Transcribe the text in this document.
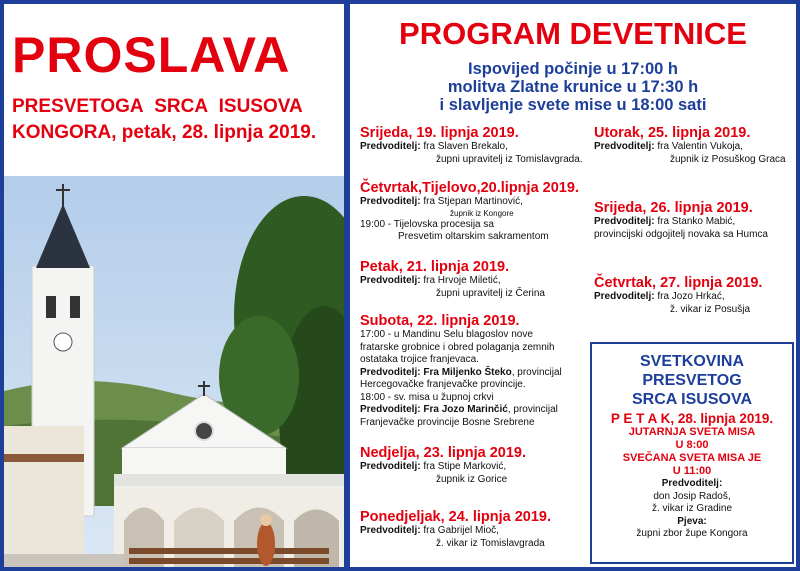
PROSLAVA
PRESVETOGA SRCA ISUSOVA
KONGORA, petak, 28. lipnja 2019.
PROGRAM DEVETNICE
Ispovijed počinje u 17:00 h
molitva Zlatne krunice u 17:30 h
i slavljenje svete mise u 18:00 sati
Srijeda, 19. lipnja 2019.
Predvoditelj: fra Slaven Brekalo,
župni upravitelj iz Tomislavgrada.
Četvrtak,Tijelovo,20.lipnja 2019.
Predvoditelj: fra Stjepan Martinović,
župnik iz Kongore
19:00 - Tijelovska procesija sa
Presvetim oltarskim sakramentom
Petak, 21. lipnja 2019.
Predvoditelj: fra Hrvoje Miletić,
župni upravitelj iz Čerina
Subota, 22. lipnja 2019.
17:00 - u Mandinu Selu blagoslov nove
fratarske grobnice i obred polaganja zemnih
ostataka trojice franjevaca.
Predvoditelj: Fra Miljenko Šteko, provincijal
Hercegovačke franjevačke provincije.
18:00 - sv. misa u župnoj crkvi
Predvoditelj: Fra Jozo Marinčić, provincijal
Franjevačke provincije Bosne Srebrene
Nedjelja, 23. lipnja 2019.
Predvoditelj: fra Stipe Marković,
župnik iz Gorice
Ponedjeljak, 24. lipnja 2019.
Predvoditelj: fra Gabrijel Mioč,
ž. vikar iz Tomislavgrada
Utorak, 25. lipnja 2019.
Predvoditelj: fra Valentin Vukoja,
župnik iz Posuškog Graca
Srijeda, 26. lipnja 2019.
Predvoditelj: fra Stanko Mabić,
provincijski odgojitelj novaka sa Humca
Četvrtak, 27. lipnja 2019.
Predvoditelj: fra Jozo Hrkać,
ž. vikar iz Posušja
SVETKOVINA
PRESVETOG
SRCA ISUSOVA
P E T A K, 28. lipnja 2019.
JUTARNJA SVETA MISA
U 8:00
SVEČANA SVETA MISA JE
U 11:00
Predvoditelj:
don Josip Radoš,
ž. vikar iz Gradine
Pjeva:
župni zbor župe Kongora
